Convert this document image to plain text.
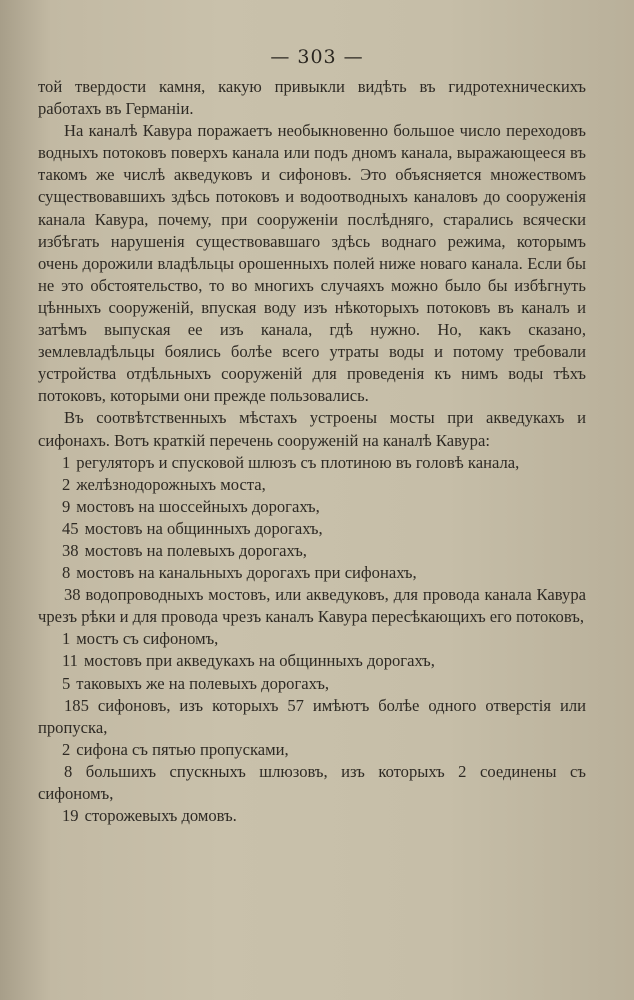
— 303 —

той твердости камня, какую привыкли видѣть въ гидротехническихъ работахъ въ Германіи.

На каналѣ Кавура поражаетъ необыкновенно большое число переходовъ водныхъ потоковъ поверхъ канала или подъ дномъ канала, выражающееся въ такомъ же числѣ акведуковъ и сифоновъ. Это объясняется множествомъ существовавшихъ здѣсь потоковъ и водоотводныхъ каналовъ до сооруженія канала Кавура, почему, при сооруженіи послѣдняго, старались всячески избѣгать нарушенія существовавшаго здѣсь воднаго режима, которымъ очень дорожили владѣльцы орошенныхъ полей ниже новаго канала. Если бы не это обстоятельство, то во многихъ случаяхъ можно было бы избѣгнуть цѣнныхъ сооруженій, впуская воду изъ нѣкоторыхъ потоковъ въ каналъ и затѣмъ выпуская ее изъ канала, гдѣ нужно. Но, какъ сказано, землевладѣльцы боялись болѣе всего утраты воды и потому требовали устройства отдѣльныхъ сооруженій для проведенія къ нимъ воды тѣхъ потоковъ, которыми они прежде пользовались.

Въ соотвѣтственныхъ мѣстахъ устроены мосты при акведукахъ и сифонахъ. Вотъ краткій перечень сооруженій на каналѣ Кавура:

1 регуляторъ и спусковой шлюзъ съ плотиною въ головѣ канала,

2 желѣзнодорожныхъ моста,

9 мостовъ на шоссейныхъ дорогахъ,

45 мостовъ на общинныхъ дорогахъ,

38 мостовъ на полевыхъ дорогахъ,

8 мостовъ на канальныхъ дорогахъ при сифонахъ,

38 водопроводныхъ мостовъ, или акведуковъ, для провода канала Кавура чрезъ рѣки и для провода чрезъ каналъ Кавура пересѣкающихъ его потоковъ,

1 мостъ съ сифономъ,

11 мостовъ при акведукахъ на общинныхъ дорогахъ,

5 таковыхъ же на полевыхъ дорогахъ,

185 сифоновъ, изъ которыхъ 57 имѣютъ болѣе одного отверстія или пропуска,

2 сифона съ пятью пропусками,

8 большихъ спускныхъ шлюзовъ, изъ которыхъ 2 соединены съ сифономъ,

19 сторожевыхъ домовъ.
